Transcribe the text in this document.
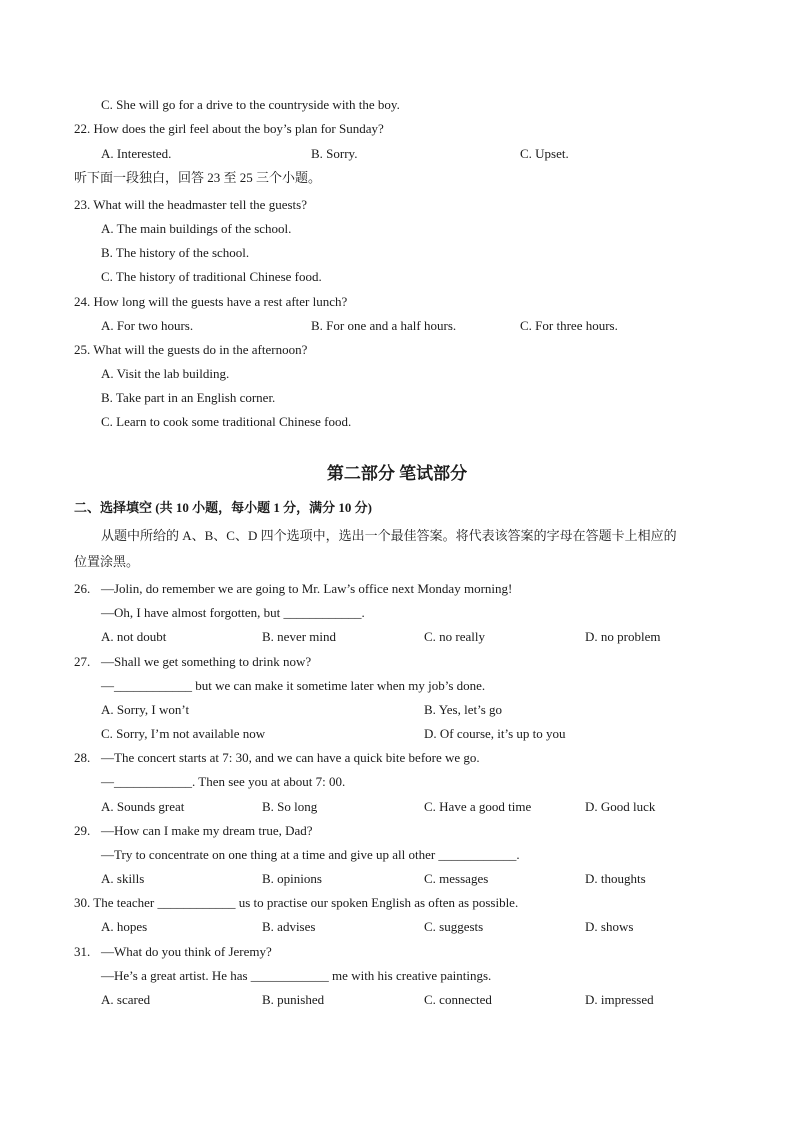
C. She will go for a drive to the countryside with the boy.
22. How does the girl feel about the boy’s plan for Sunday?
A. Interested.	B. Sorry.	C. Upset.
听下面一段独白，回答 23 至 25 三个小题。
23. What will the headmaster tell the guests?
A. The main buildings of the school.
B. The history of the school.
C. The history of traditional Chinese food.
24. How long will the guests have a rest after lunch?
A. For two hours.	B. For one and a half hours.	C. For three hours.
25. What will the guests do in the afternoon?
A. Visit the lab building.
B. Take part in an English corner.
C. Learn to cook some traditional Chinese food.
第二部分 笔试部分
二、选择填空 (共 10 小题，每小题 1 分，满分 10 分)
从题中所给的 A、B、C、D 四个选项中，选出一个最佳答案。将代表该答案的字母在答题卡上相应的
位置涂黑。
26. —Jolin, do remember we are going to Mr. Law’s office next Monday morning!
—Oh, I have almost forgotten, but ____________.
A. not doubt	B. never mind	C. no really	D. no problem
27. —Shall we get something to drink now?
—____________ but we can make it sometime later when my job’s done.
A. Sorry, I won’t	B. Yes, let’s go
C. Sorry, I’m not available now	D. Of course, it’s up to you
28. —The concert starts at 7: 30, and we can have a quick bite before we go.
—____________. Then see you at about 7: 00.
A. Sounds great	B. So long	C. Have a good time	D. Good luck
29. —How can I make my dream true, Dad?
—Try to concentrate on one thing at a time and give up all other ____________.
A. skills	B. opinions	C. messages	D. thoughts
30. The teacher ____________ us to practise our spoken English as often as possible.
A. hopes	B. advises	C. suggests	D. shows
31. —What do you think of Jeremy?
—He’s a great artist. He has ____________ me with his creative paintings.
A. scared	B. punished	C. connected	D. impressed
